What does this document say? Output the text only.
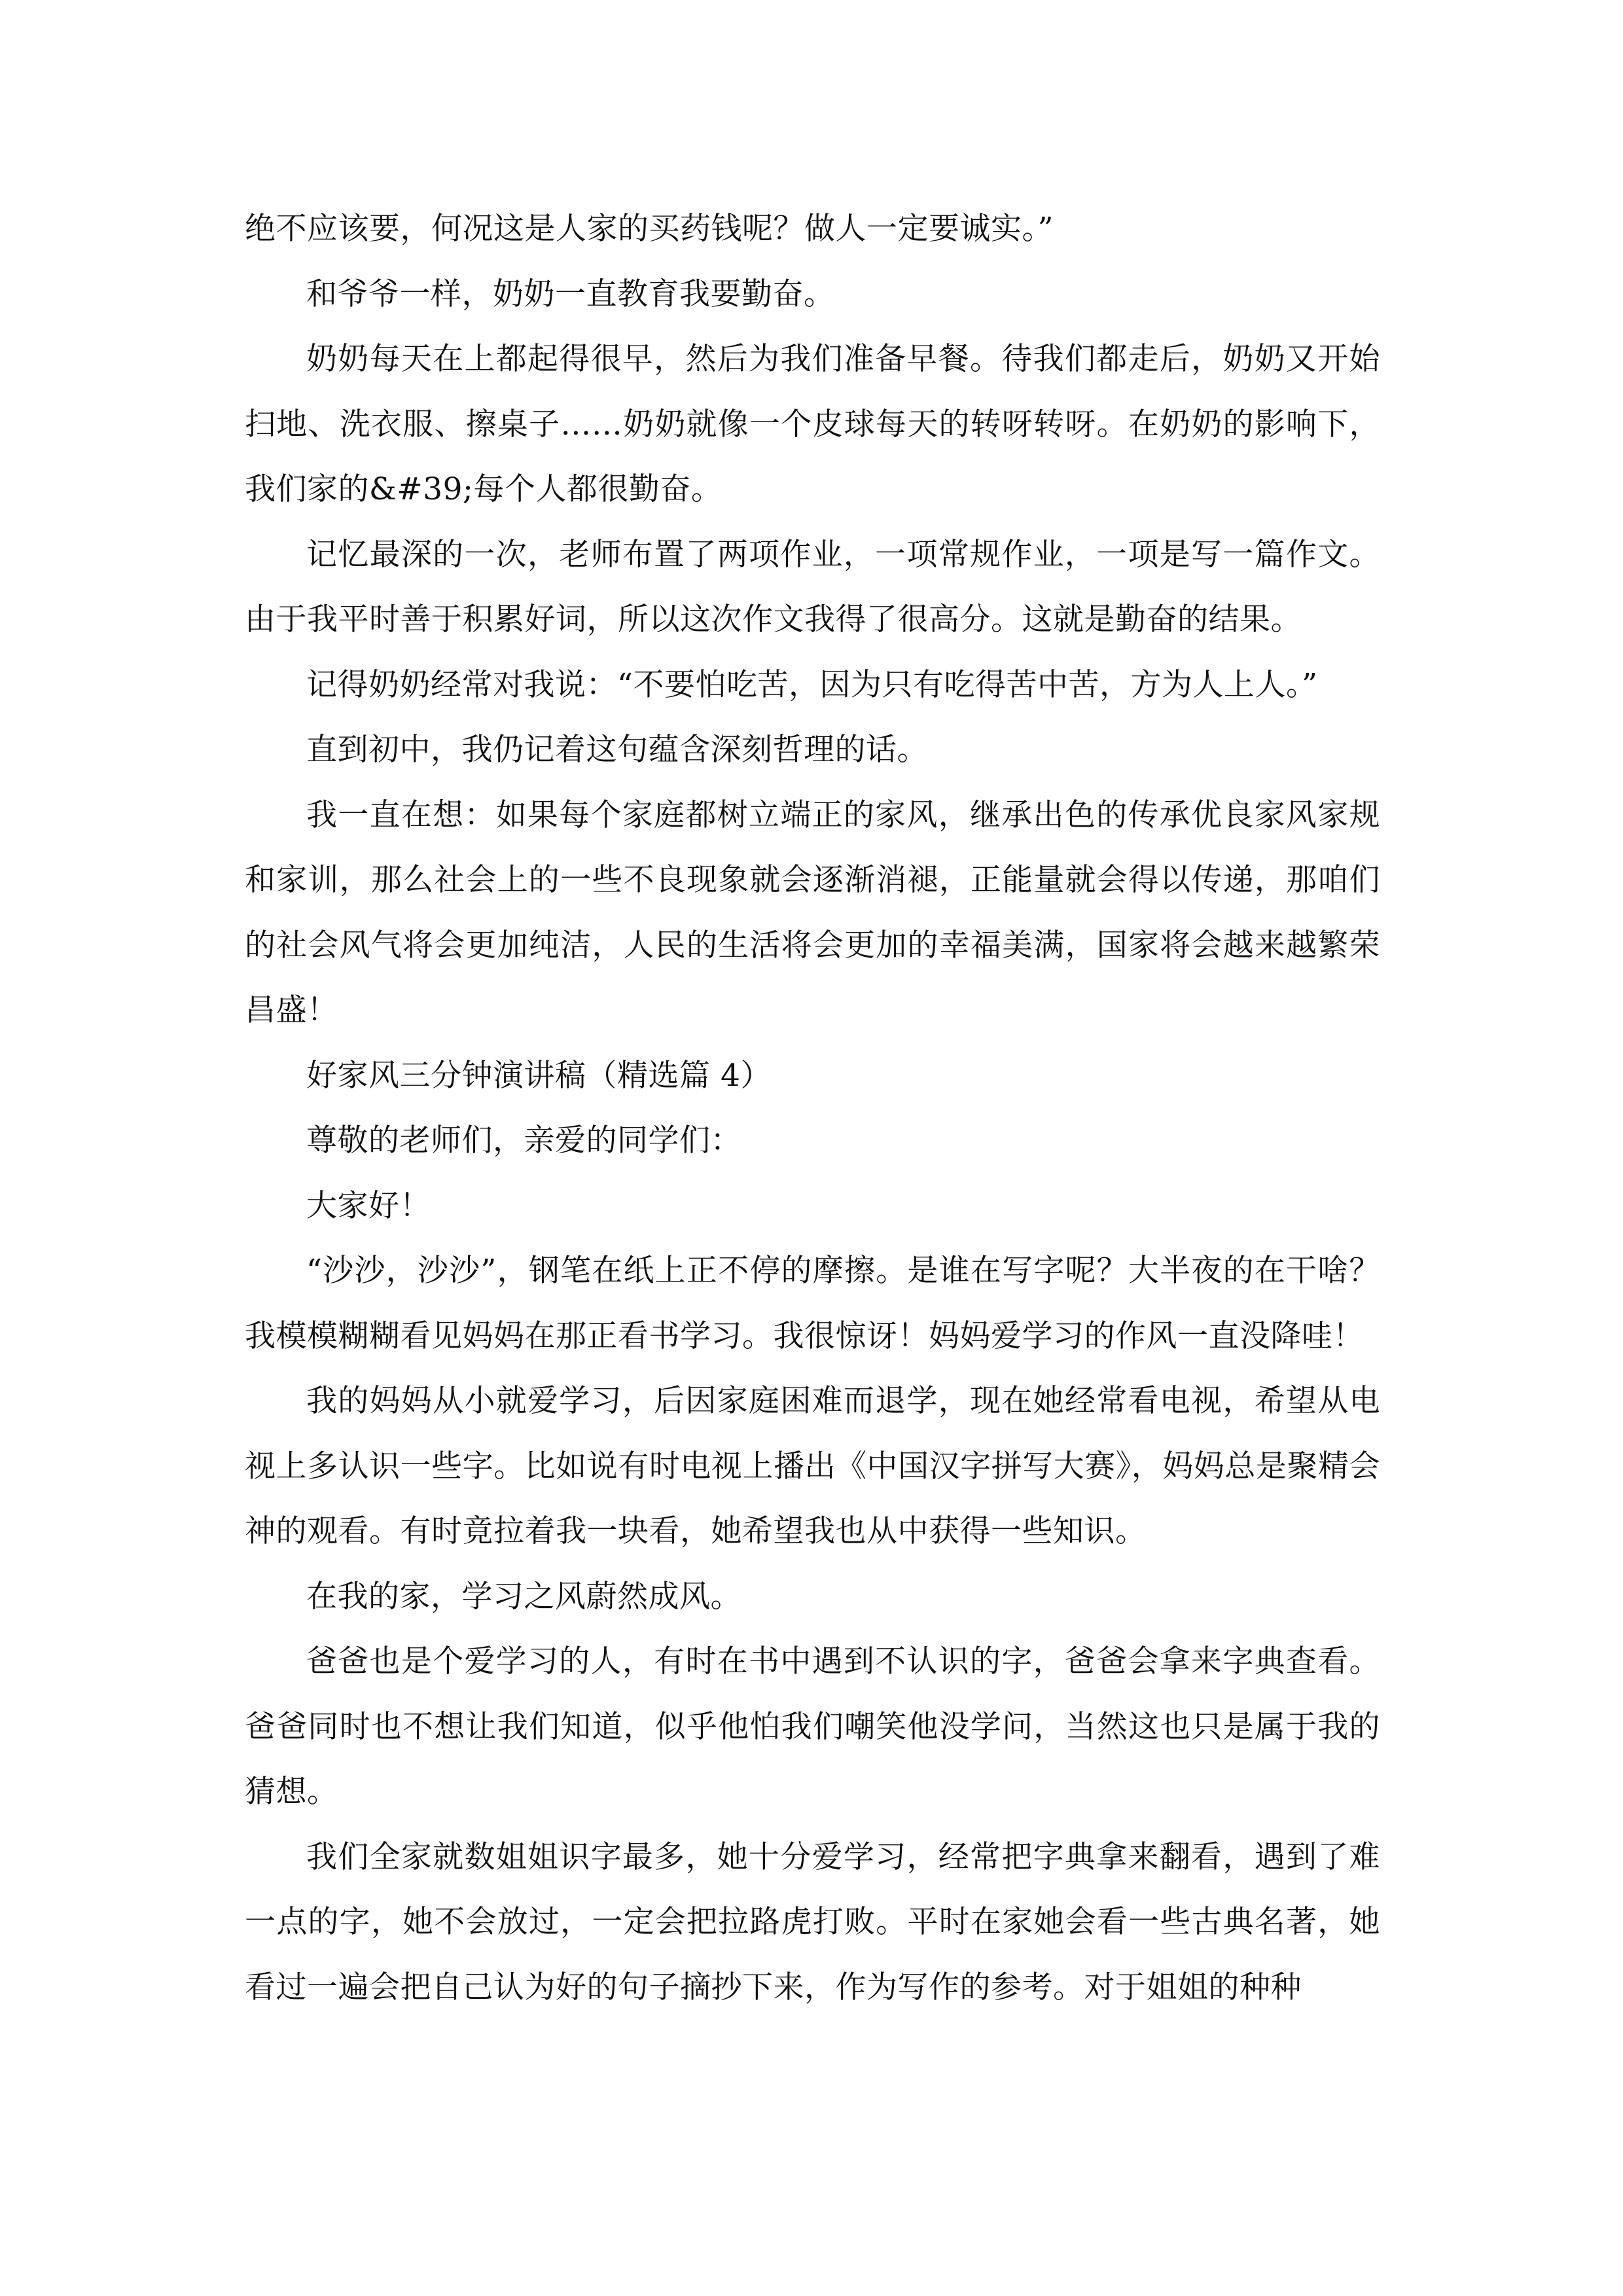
绝不应该要，何况这是人家的买药钱呢？做人一定要诚实。”

和爷爷一样，奶奶一直教育我要勤奋。

奶奶每天在上都起得很早，然后为我们准备早餐。待我们都走后，奶奶又开始扫地、洗衣服、擦桌子……奶奶就像一个皮球每天的转呀转呀。在奶奶的影响下，我们家的&#39;每个人都很勤奋。

记忆最深的一次，老师布置了两项作业，一项常规作业，一项是写一篇作文。由于我平时善于积累好词，所以这次作文我得了很高分。这就是勤奋的结果。

记得奶奶经常对我说：“不要怕吃苦，因为只有吃得苦中苦，方为人上人。”

直到初中，我仍记着这句蕴含深刻哲理的话。

我一直在想：如果每个家庭都树立端正的家风，继承出色的传承优良家风家规和家训，那么社会上的一些不良现象就会逐渐消褪，正能量就会得以传递，那咱们的社会风气将会更加纯洁，人民的生活将会更加的幸福美满，国家将会越来越繁荣昌盛！

好家风三分钟演讲稿（精选篇 4）

尊敬的老师们，亲爱的同学们：

大家好！

“沙沙，沙沙”，钢笔在纸上正不停的摩擦。是谁在写字呢？大半夜的在干啥？我模模糊糊看见妈妈在那正看书学习。我很惊讶！妈妈爱学习的作风一直没降哇！

我的妈妈从小就爱学习，后因家庭困难而退学，现在她经常看电视，希望从电视上多认识一些字。比如说有时电视上播出《中国汉字拼写大赛》，妈妈总是聚精会神的观看。有时竟拉着我一块看，她希望我也从中获得一些知识。

在我的家，学习之风蔚然成风。

爸爸也是个爱学习的人，有时在书中遇到不认识的字，爸爸会拿来字典查看。爸爸同时也不想让我们知道，似乎他怕我们嘲笑他没学问，当然这也只是属于我的猜想。

我们全家就数姐姐识字最多，她十分爱学习，经常把字典拿来翻看，遇到了难一点的字，她不会放过，一定会把拉路虎打败。平时在家她会看一些古典名著，她看过一遍会把自己认为好的句子摘抄下来，作为写作的参考。对于姐姐的种种
